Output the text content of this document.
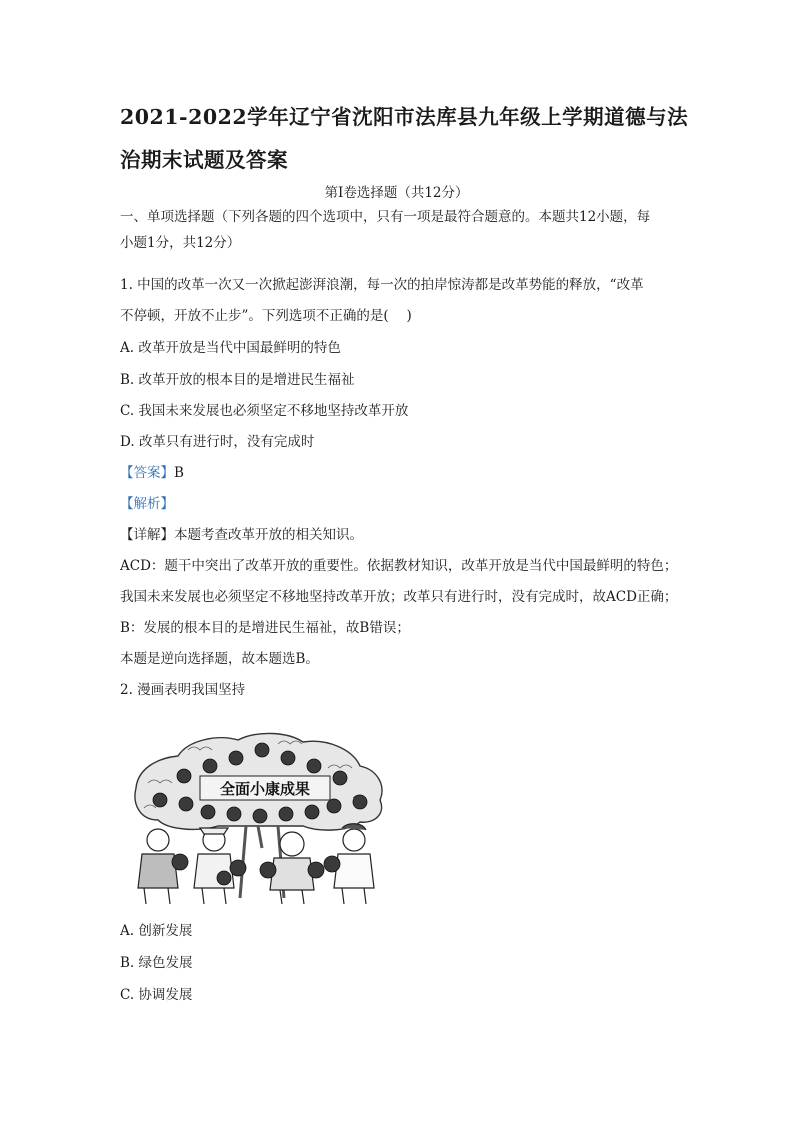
2021-2022学年辽宁省沈阳市法库县九年级上学期道德与法
治期末试题及答案
第Ⅰ卷选择题（共12分）
一、单项选择题（下列各题的四个选项中，只有一项是最符合题意的。本题共12小题，每
小题1分，共12分）
1. 中国的改革一次又一次掀起澎湃浪潮，每一次的拍岸惊涛都是改革势能的释放，“改革
不停顿，开放不止步”。下列选项不正确的是(　 )
A. 改革开放是当代中国最鲜明的特色
B. 改革开放的根本目的是增进民生福祉
C. 我国未来发展也必须坚定不移地坚持改革开放
D. 改革只有进行时，没有完成时
【答案】B
【解析】
【详解】本题考查改革开放的相关知识。
ACD：题干中突出了改革开放的重要性。依据教材知识，改革开放是当代中国最鲜明的特色；
我国未来发展也必须坚定不移地坚持改革开放；改革只有进行时，没有完成时，故ACD正确；
B：发展的根本目的是增进民生福祉，故B错误；
本题是逆向选择题，故本题选B。
2. 漫画表明我国坚持
全面小康成果
A. 创新发展
B. 绿色发展
C. 协调发展
